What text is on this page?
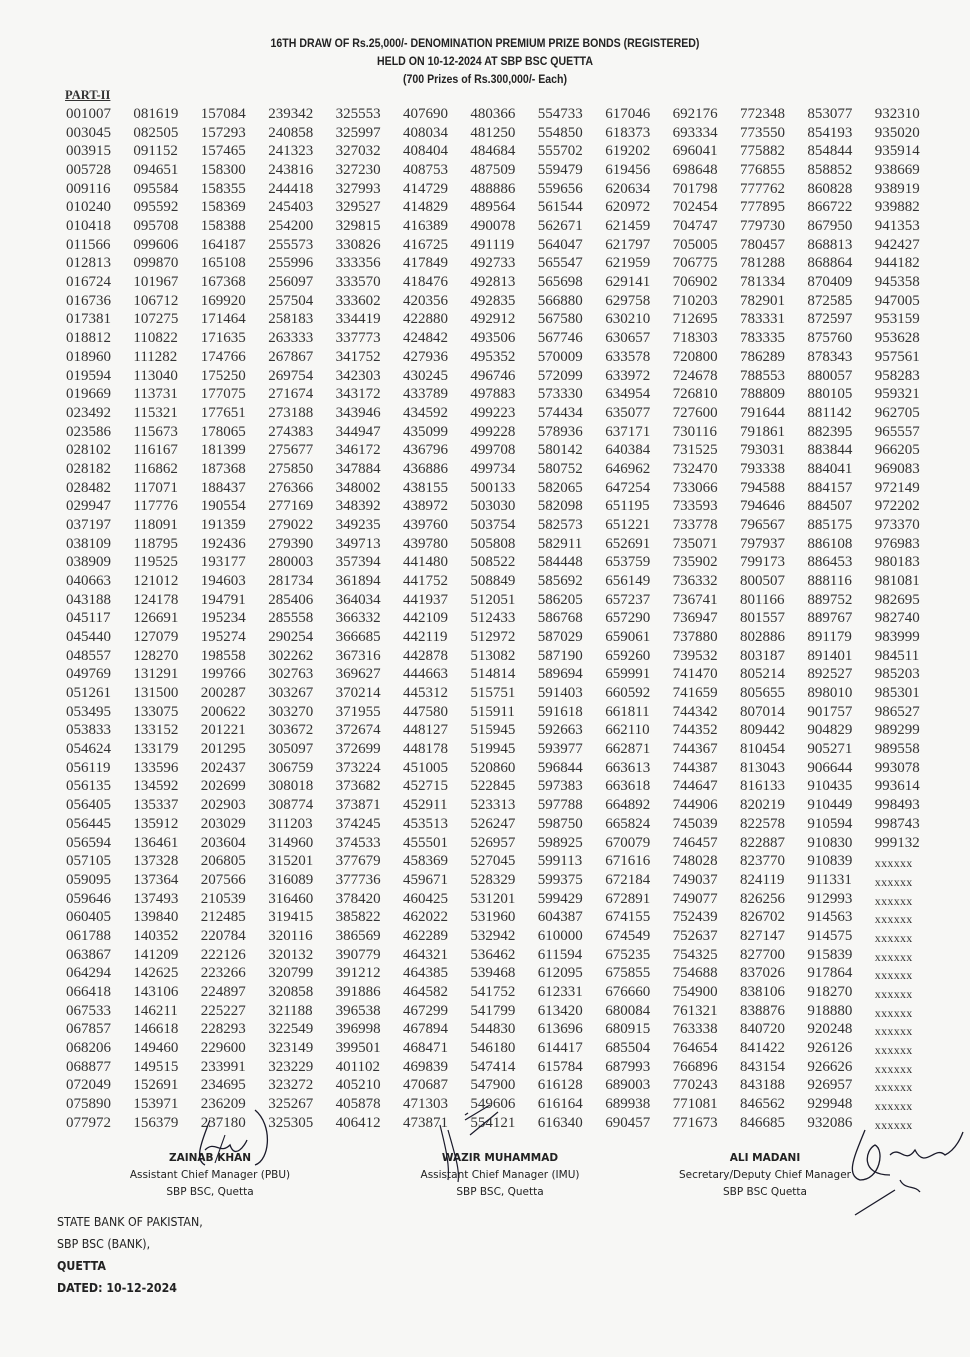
16TH DRAW OF Rs.25,000/- DENOMINATION PREMIUM PRIZE BONDS (REGISTERED)
HELD ON 10-12-2024 AT SBP BSC QUETTA
(700 Prizes of Rs.300,000/- Each)
PART-II
001007
003045
003915
005728
009116
010240
010418
011566
012813
016724
016736
017381
018812
018960
019594
019669
023492
023586
028102
028182
028482
029947
037197
038109
038909
040663
043188
045117
045440
048557
049769
051261
053495
053833
054624
056119
056135
056405
056445
056594
057105
059095
059646
060405
061788
063867
064294
066418
067533
067857
068206
068877
072049
075890
077972
081619
082505
091152
094651
095584
095592
095708
099606
099870
101967
106712
107275
110822
111282
113040
113731
115321
115673
116167
116862
117071
117776
118091
118795
119525
121012
124178
126691
127079
128270
131291
131500
133075
133152
133179
133596
134592
135337
135912
136461
137328
137364
137493
139840
140352
141209
142625
143106
146211
146618
149460
149515
152691
153971
156379
157084
157293
157465
158300
158355
158369
158388
164187
165108
167368
169920
171464
171635
174766
175250
177075
177651
178065
181399
187368
188437
190554
191359
192436
193177
194603
194791
195234
195274
198558
199766
200287
200622
201221
201295
202437
202699
202903
203029
203604
206805
207566
210539
212485
220784
222126
223266
224897
225227
228293
229600
233991
234695
236209
237180
239342
240858
241323
243816
244418
245403
254200
255573
255996
256097
257504
258183
263333
267867
269754
271674
273188
274383
275677
275850
276366
277169
279022
279390
280003
281734
285406
285558
290254
302262
302763
303267
303270
303672
305097
306759
308018
308774
311203
314960
315201
316089
316460
319415
320116
320132
320799
320858
321188
322549
323149
323229
323272
325267
325305
325553
325997
327032
327230
327993
329527
329815
330826
333356
333570
333602
334419
337773
341752
342303
343172
343946
344947
346172
347884
348002
348392
349235
349713
357394
361894
364034
366332
366685
367316
369627
370214
371955
372674
372699
373224
373682
373871
374245
374533
377679
377736
378420
385822
386569
390779
391212
391886
396538
396998
399501
401102
405210
405878
406412
407690
408034
408404
408753
414729
414829
416389
416725
417849
418476
420356
422880
424842
427936
430245
433789
434592
435099
436796
436886
438155
438972
439760
439780
441480
441752
441937
442109
442119
442878
444663
445312
447580
448127
448178
451005
452715
452911
453513
455501
458369
459671
460425
462022
462289
464321
464385
464582
467299
467894
468471
469839
470687
471303
473871
480366
481250
484684
487509
488886
489564
490078
491119
492733
492813
492835
492912
493506
495352
496746
497883
499223
499228
499708
499734
500133
503030
503754
505808
508522
508849
512051
512433
512972
513082
514814
515751
515911
515945
519945
520860
522845
523313
526247
526957
527045
528329
531201
531960
532942
536462
539468
541752
541799
544830
546180
547414
547900
549606
554121
554733
554850
555702
559479
559656
561544
562671
564047
565547
565698
566880
567580
567746
570009
572099
573330
574434
578936
580142
580752
582065
582098
582573
582911
584448
585692
586205
586768
587029
587190
589694
591403
591618
592663
593977
596844
597383
597788
598750
598925
599113
599375
599429
604387
610000
611594
612095
612331
613420
613696
614417
615784
616128
616164
616340
617046
618373
619202
619456
620634
620972
621459
621797
621959
629141
629758
630210
630657
633578
633972
634954
635077
637171
640384
646962
647254
651195
651221
652691
653759
656149
657237
657290
659061
659260
659991
660592
661811
662110
662871
663613
663618
664892
665824
670079
671616
672184
672891
674155
674549
675235
675855
676660
680084
680915
685504
687993
689003
689938
690457
692176
693334
696041
698648
701798
702454
704747
705005
706775
706902
710203
712695
718303
720800
724678
726810
727600
730116
731525
732470
733066
733593
733778
735071
735902
736332
736741
736947
737880
739532
741470
741659
744342
744352
744367
744387
744647
744906
745039
746457
748028
749037
749077
752439
752637
754325
754688
754900
761321
763338
764654
766896
770243
771081
771673
772348
773550
775882
776855
777762
777895
779730
780457
781288
781334
782901
783331
783335
786289
788553
788809
791644
791861
793031
793338
794588
794646
796567
797937
799173
800507
801166
801557
802886
803187
805214
805655
807014
809442
810454
813043
816133
820219
822578
822887
823770
824119
826256
826702
827147
827700
837026
838106
838876
840720
841422
843154
843188
846562
846685
853077
854193
854844
858852
860828
866722
867950
868813
868864
870409
872585
872597
875760
878343
880057
880105
881142
882395
883844
884041
884157
884507
885175
886108
886453
888116
889752
889767
891179
891401
892527
898010
901757
904829
905271
906644
910435
910449
910594
910830
910839
911331
912993
914563
914575
915839
917864
918270
918880
920248
926126
926626
926957
929948
932086
932310
935020
935914
938669
938919
939882
941353
942427
944182
945358
947005
953159
953628
957561
958283
959321
962705
965557
966205
969083
972149
972202
973370
976983
980183
981081
982695
982740
983999
984511
985203
985301
986527
989299
989558
993078
993614
998493
998743
999132
xxxxxx
xxxxxx
xxxxxx
xxxxxx
xxxxxx
xxxxxx
xxxxxx
xxxxxx
xxxxxx
xxxxxx
xxxxxx
xxxxxx
xxxxxx
xxxxxx
xxxxxx
ZAINAB KHAN
Assistant Chief Manager (PBU)
SBP BSC, Quetta
WAZIR MUHAMMAD
Assistant Chief Manager (IMU)
SBP BSC, Quetta
ALI MADANI
Secretary/Deputy Chief Manager
SBP BSC Quetta
STATE BANK OF PAKISTAN,
SBP BSC (BANK),
QUETTA
DATED: 10-12-2024
